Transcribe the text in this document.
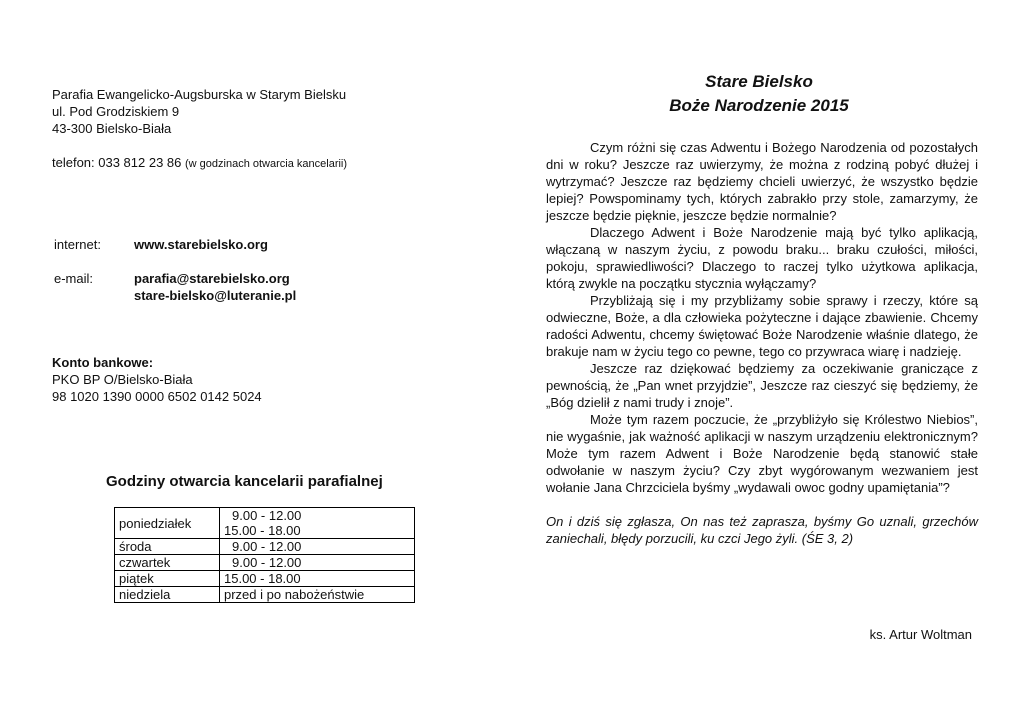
Parafia Ewangelicko-Augsburska w Starym Bielsku
ul. Pod Grodziskiem 9
43-300 Bielsko-Biała
telefon: 033 812 23 86 (w godzinach otwarcia kancelarii)
internet:	www.starebielsko.org
e-mail:	parafia@starebielsko.org
stare-bielsko@luteranie.pl
Konto bankowe:
PKO BP O/Bielsko-Biała
98 1020 1390 0000 6502 0142 5024
Godziny otwarcia kancelarii parafialnej
poniedziałek	9.00 - 12.00
15.00 - 18.00
środa	9.00 - 12.00
czwartek	9.00 - 12.00
piątek	15.00 - 18.00
niedziela	przed i po nabożeństwie
Stare Bielsko
Boże Narodzenie 2015
Czym różni się czas Adwentu i Bożego Narodzenia od pozostałych dni w roku? Jeszcze raz uwierzymy, że można z rodziną pobyć dłużej i wytrzymać? Jeszcze raz będziemy chcieli uwierzyć, że wszystko będzie lepiej? Powspominamy tych, których zabrakło przy stole, zamarzymy, że jeszcze będzie pięknie, jeszcze będzie normalnie?
Dlaczego Adwent i Boże Narodzenie mają być tylko aplikacją, włączaną w naszym życiu, z powodu braku... braku czułości, miłości, pokoju, sprawiedliwości? Dlaczego to raczej tylko użytkowa aplikacja, którą zwykle na początku stycznia wyłączamy?
Przybliżają się i my przybliżamy sobie sprawy i rzeczy, które są odwieczne, Boże, a dla człowieka pożyteczne i dające zbawienie. Chcemy radości Adwentu, chcemy świętować Boże Narodzenie właśnie dlatego, że brakuje nam w życiu tego co pewne, tego co przywraca wiarę i nadzieję.
Jeszcze raz dziękować będziemy za oczekiwanie graniczące z pewnością, że „Pan wnet przyjdzie”, Jeszcze raz cieszyć się będziemy, że „Bóg dzielił z nami trudy i znoje”.
Może tym razem poczucie, że „przybliżyło się Królestwo Niebios”, nie wygaśnie, jak ważność aplikacji w naszym urządzeniu elektronicznym? Może tym razem Adwent i Boże Narodzenie będą stanowić stałe odwołanie w naszym życiu? Czy zbyt wygórowanym wezwaniem jest wołanie Jana Chrzciciela byśmy „wydawali owoc godny upamiętania”?
On i dziś się zgłasza, On nas też zaprasza, byśmy Go uznali, grzechów zaniechali, błędy porzucili, ku czci Jego żyli. (ŚE 3, 2)
ks. Artur Woltman
